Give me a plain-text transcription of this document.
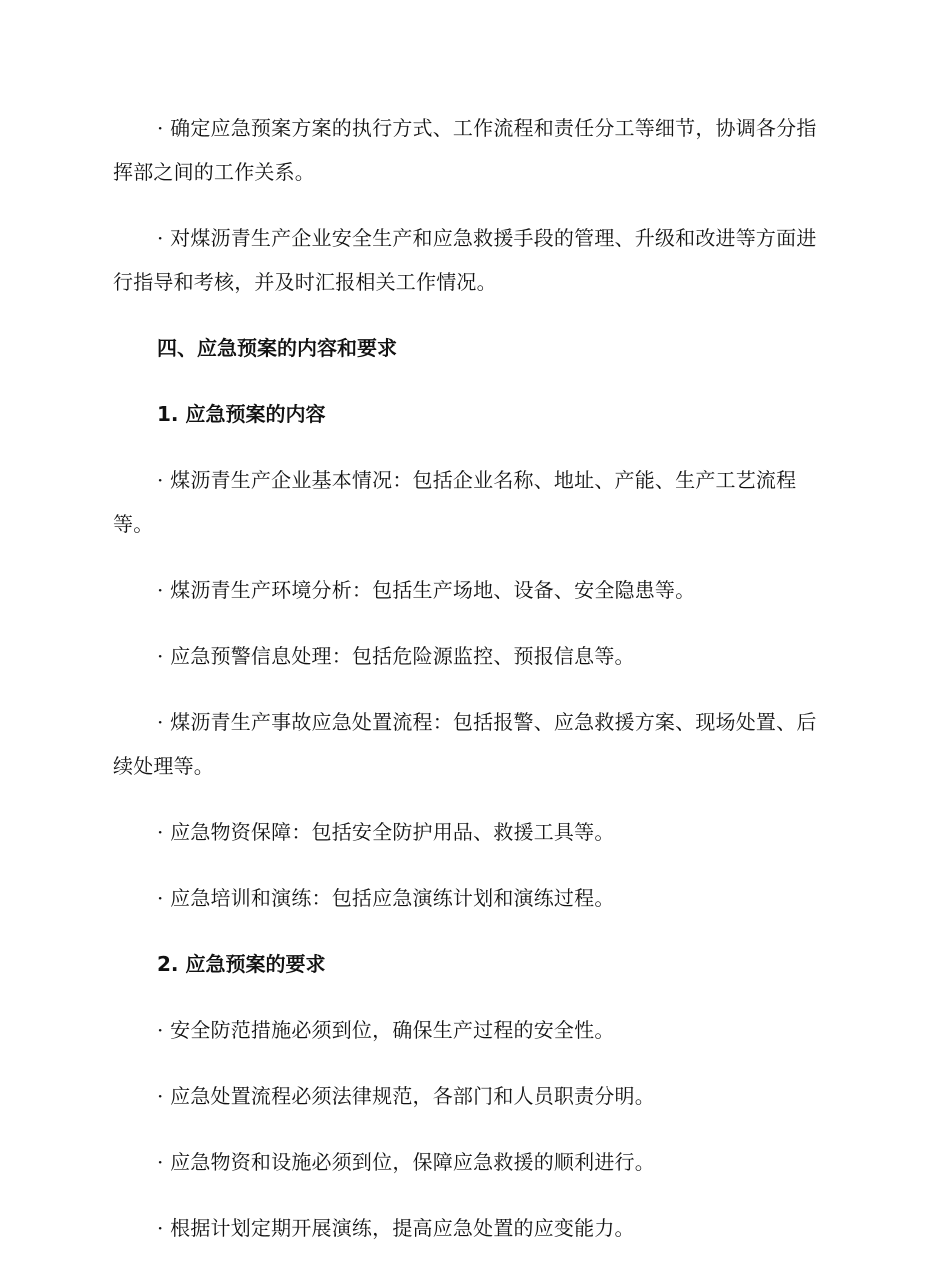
· 确定应急预案方案的执行方式、工作流程和责任分工等细节，协调各分指挥部之间的工作关系。

· 对煤沥青生产企业安全生产和应急救援手段的管理、升级和改进等方面进行指导和考核，并及时汇报相关工作情况。

四、应急预案的内容和要求

1. 应急预案的内容

· 煤沥青生产企业基本情况：包括企业名称、地址、产能、生产工艺流程等。

· 煤沥青生产环境分析：包括生产场地、设备、安全隐患等。

· 应急预警信息处理：包括危险源监控、预报信息等。

· 煤沥青生产事故应急处置流程：包括报警、应急救援方案、现场处置、后续处理等。

· 应急物资保障：包括安全防护用品、救援工具等。

· 应急培训和演练：包括应急演练计划和演练过程。

2. 应急预案的要求

· 安全防范措施必须到位，确保生产过程的安全性。

· 应急处置流程必须法律规范，各部门和人员职责分明。

· 应急物资和设施必须到位，保障应急救援的顺利进行。

· 根据计划定期开展演练，提高应急处置的应变能力。
